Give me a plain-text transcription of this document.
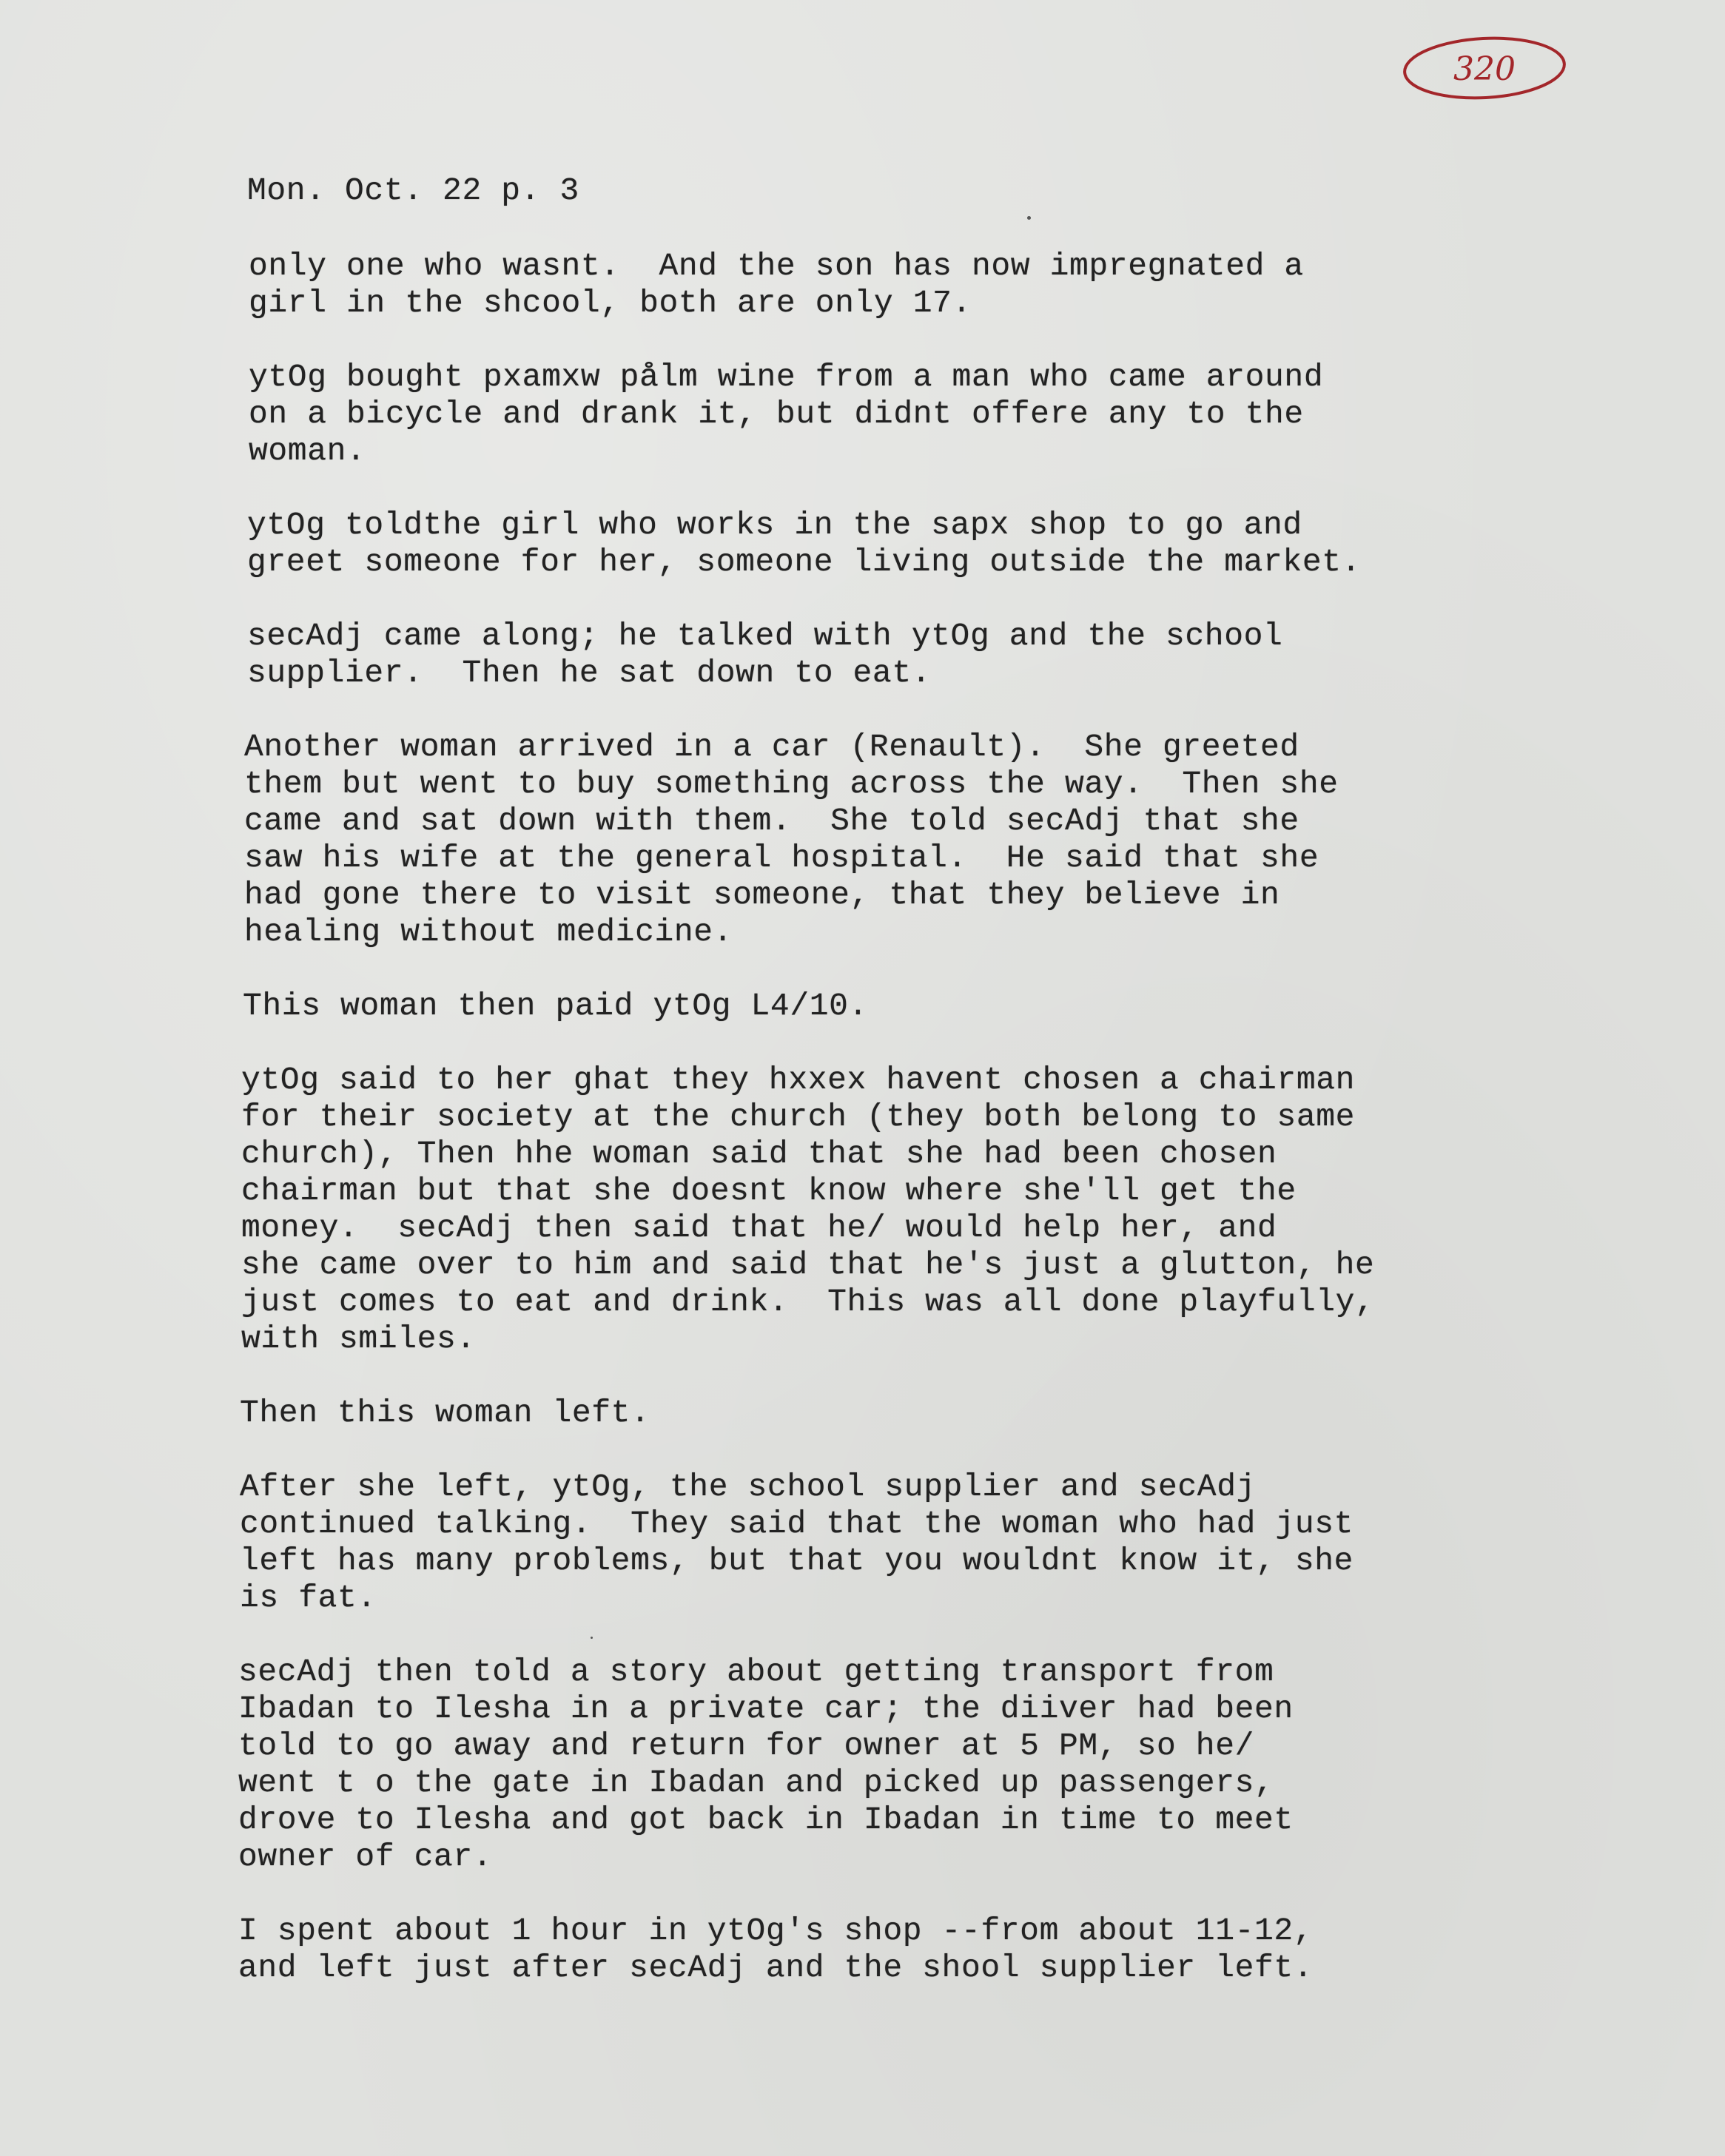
320
Mon. Oct. 22 p. 3
only one who wasnt.  And the son has now impregnated a
girl in the shcool, both are only 17.
ytOg bought pxamxw pålm wine from a man who came around
on a bicycle and drank it, but didnt offere any to the
woman.
ytOg toldthe girl who works in the sapx shop to go and
greet someone for her, someone living outside the market.
secAdj came along; he talked with ytOg and the school
supplier.  Then he sat down to eat.
Another woman arrived in a car (Renault).  She greeted
them but went to buy something across the way.  Then she
came and sat down with them.  She told secAdj that she
saw his wife at the general hospital.  He said that she
had gone there to visit someone, that they believe in
healing without medicine.
This woman then paid ytOg L4/10.
ytOg said to her ghat they hxxex havent chosen a chairman
for their society at the church (they both belong to same
church), Then hhe woman said that she had been chosen
chairman but that she doesnt know where she'll get the
money.  secAdj then said that he/ would help her, and
she came over to him and said that he's just a glutton, he
just comes to eat and drink.  This was all done playfully,
with smiles.
Then this woman left.
After she left, ytOg, the school supplier and secAdj
continued talking.  They said that the woman who had just
left has many problems, but that you wouldnt know it, she
is fat.
secAdj then told a story about getting transport from
Ibadan to Ilesha in a private car; the diiver had been
told to go away and return for owner at 5 PM, so he/
went t o the gate in Ibadan and picked up passengers,
drove to Ilesha and got back in Ibadan in time to meet
owner of car.
I spent about 1 hour in ytOg's shop --from about 11-12,
and left just after secAdj and the shool supplier left.
